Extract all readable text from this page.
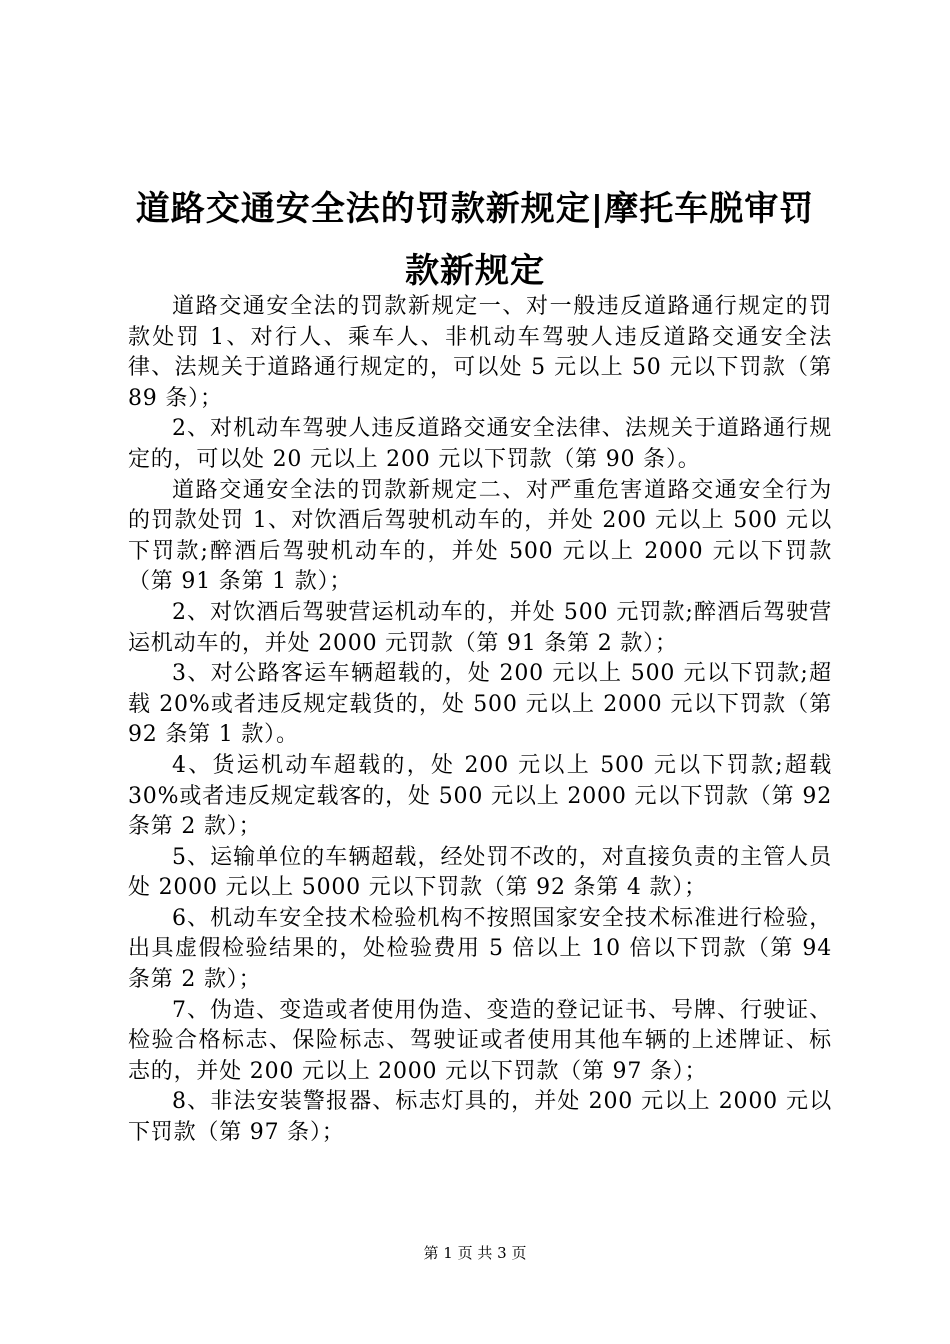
道路交通安全法的罚款新规定|摩托车脱审罚款新规定

道路交通安全法的罚款新规定一、对一般违反道路通行规定的罚款处罚 1、对行人、乘车人、非机动车驾驶人违反道路交通安全法律、法规关于道路通行规定的，可以处 5 元以上 50 元以下罚款（第 89 条）；

2、对机动车驾驶人违反道路交通安全法律、法规关于道路通行规定的，可以处 20 元以上 200 元以下罚款（第 90 条）。

道路交通安全法的罚款新规定二、对严重危害道路交通安全行为的罚款处罚 1、对饮酒后驾驶机动车的，并处 200 元以上 500 元以下罚款;醉酒后驾驶机动车的，并处 500 元以上 2000 元以下罚款（第 91 条第 1 款）；

2、对饮酒后驾驶营运机动车的，并处 500 元罚款;醉酒后驾驶营运机动车的，并处 2000 元罚款（第 91 条第 2 款）；

3、对公路客运车辆超载的，处 200 元以上 500 元以下罚款;超载 20%或者违反规定载货的，处 500 元以上 2000 元以下罚款（第 92 条第 1 款）。

4、货运机动车超载的，处 200 元以上 500 元以下罚款;超载 30%或者违反规定载客的，处 500 元以上 2000 元以下罚款（第 92 条第 2 款）；

5、运输单位的车辆超载，经处罚不改的，对直接负责的主管人员处 2000 元以上 5000 元以下罚款（第 92 条第 4 款）；

6、机动车安全技术检验机构不按照国家安全技术标准进行检验，出具虚假检验结果的，处检验费用 5 倍以上 10 倍以下罚款（第 94 条第 2 款）；

7、伪造、变造或者使用伪造、变造的登记证书、号牌、行驶证、检验合格标志、保险标志、驾驶证或者使用其他车辆的上述牌证、标志的，并处 200 元以上 2000 元以下罚款（第 97 条）；

8、非法安装警报器、标志灯具的，并处 200 元以上 2000 元以下罚款（第 97 条）；

第 1 页 共 3 页
